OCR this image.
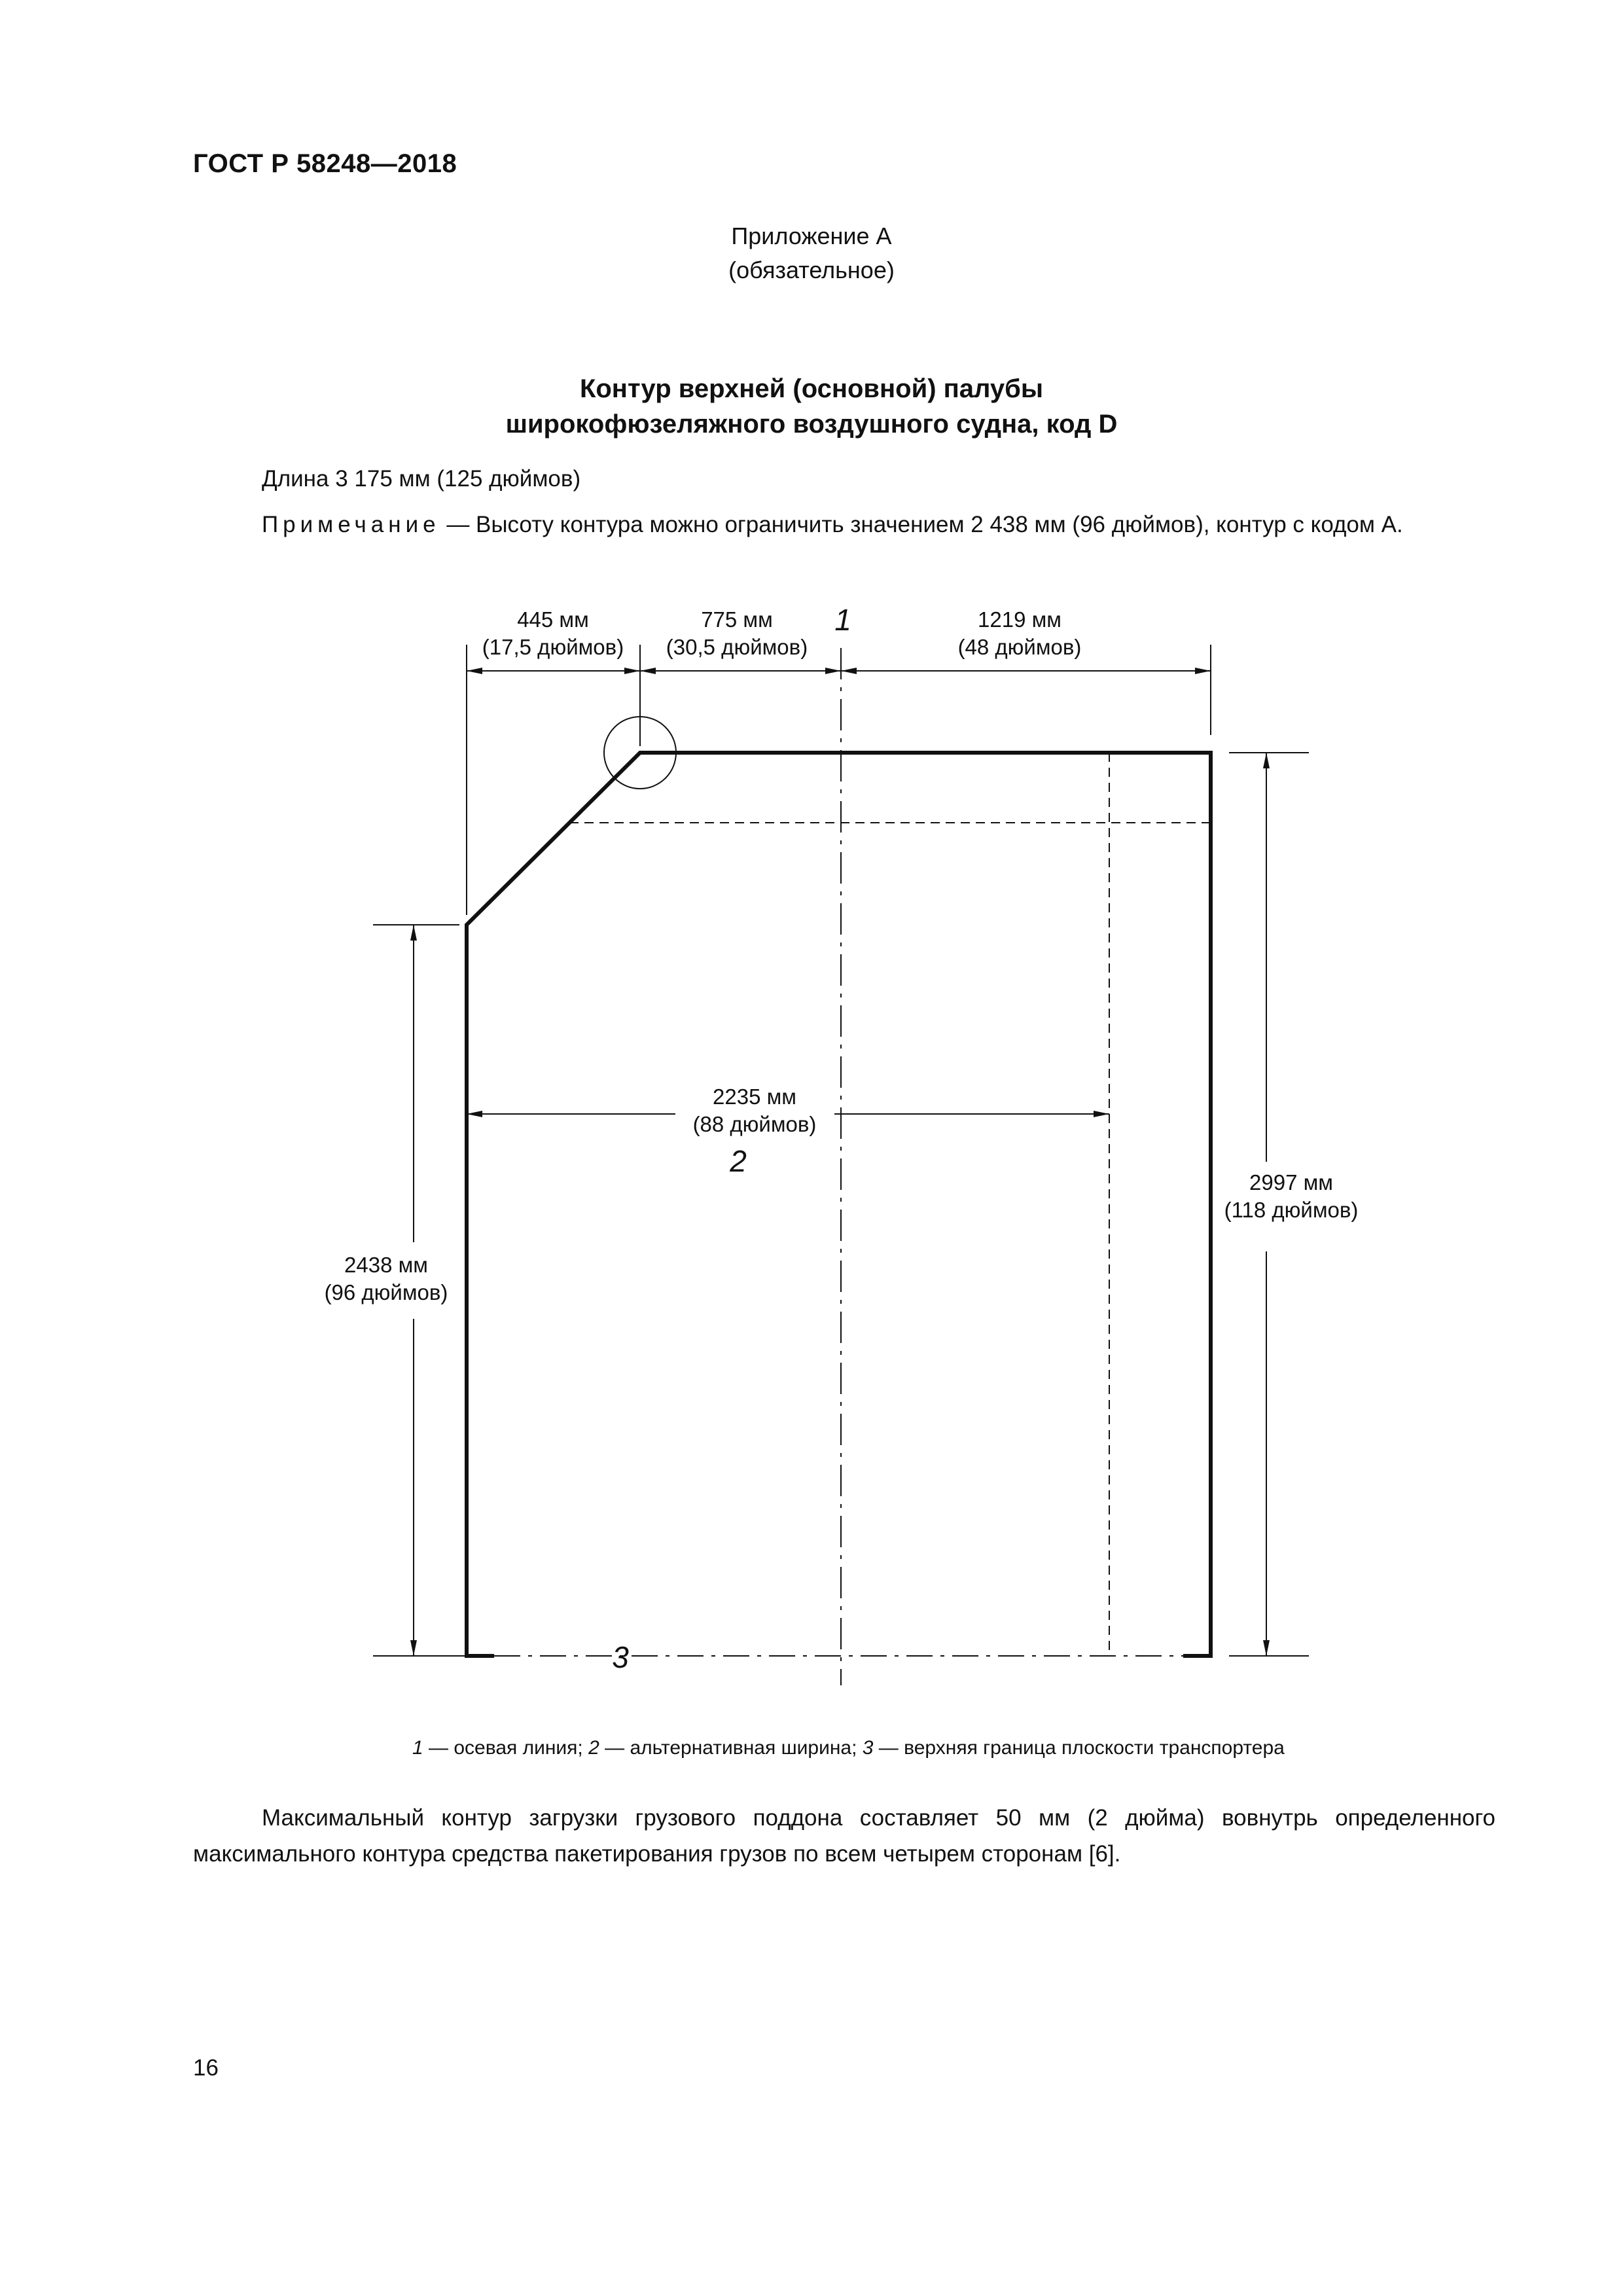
ГОСТ Р 58248—2018
Приложение А
(обязательное)
Контур верхней (основной) палубы
широкофюзеляжного воздушного судна, код D
Длина 3 175 мм (125 дюймов)
Примечание — Высоту контура можно ограничить значением 2 438 мм (96 дюймов), контур с кодом А.
445 мм
(17,5 дюймов)
775 мм
(30,5 дюймов)
1219 мм
(48 дюймов)
2235 мм
(88 дюймов)
2997 мм
(118 дюймов)
2438 мм
(96 дюймов)
1
2
3
1 — осевая линия; 2 — альтернативная ширина; 3 — верхняя граница плоскости транспортера
Максимальный контур загрузки грузового поддона составляет 50 мм (2 дюйма) вовнутрь определенного максимального контура средства пакетирования грузов по всем четырем сторонам [6].
16
